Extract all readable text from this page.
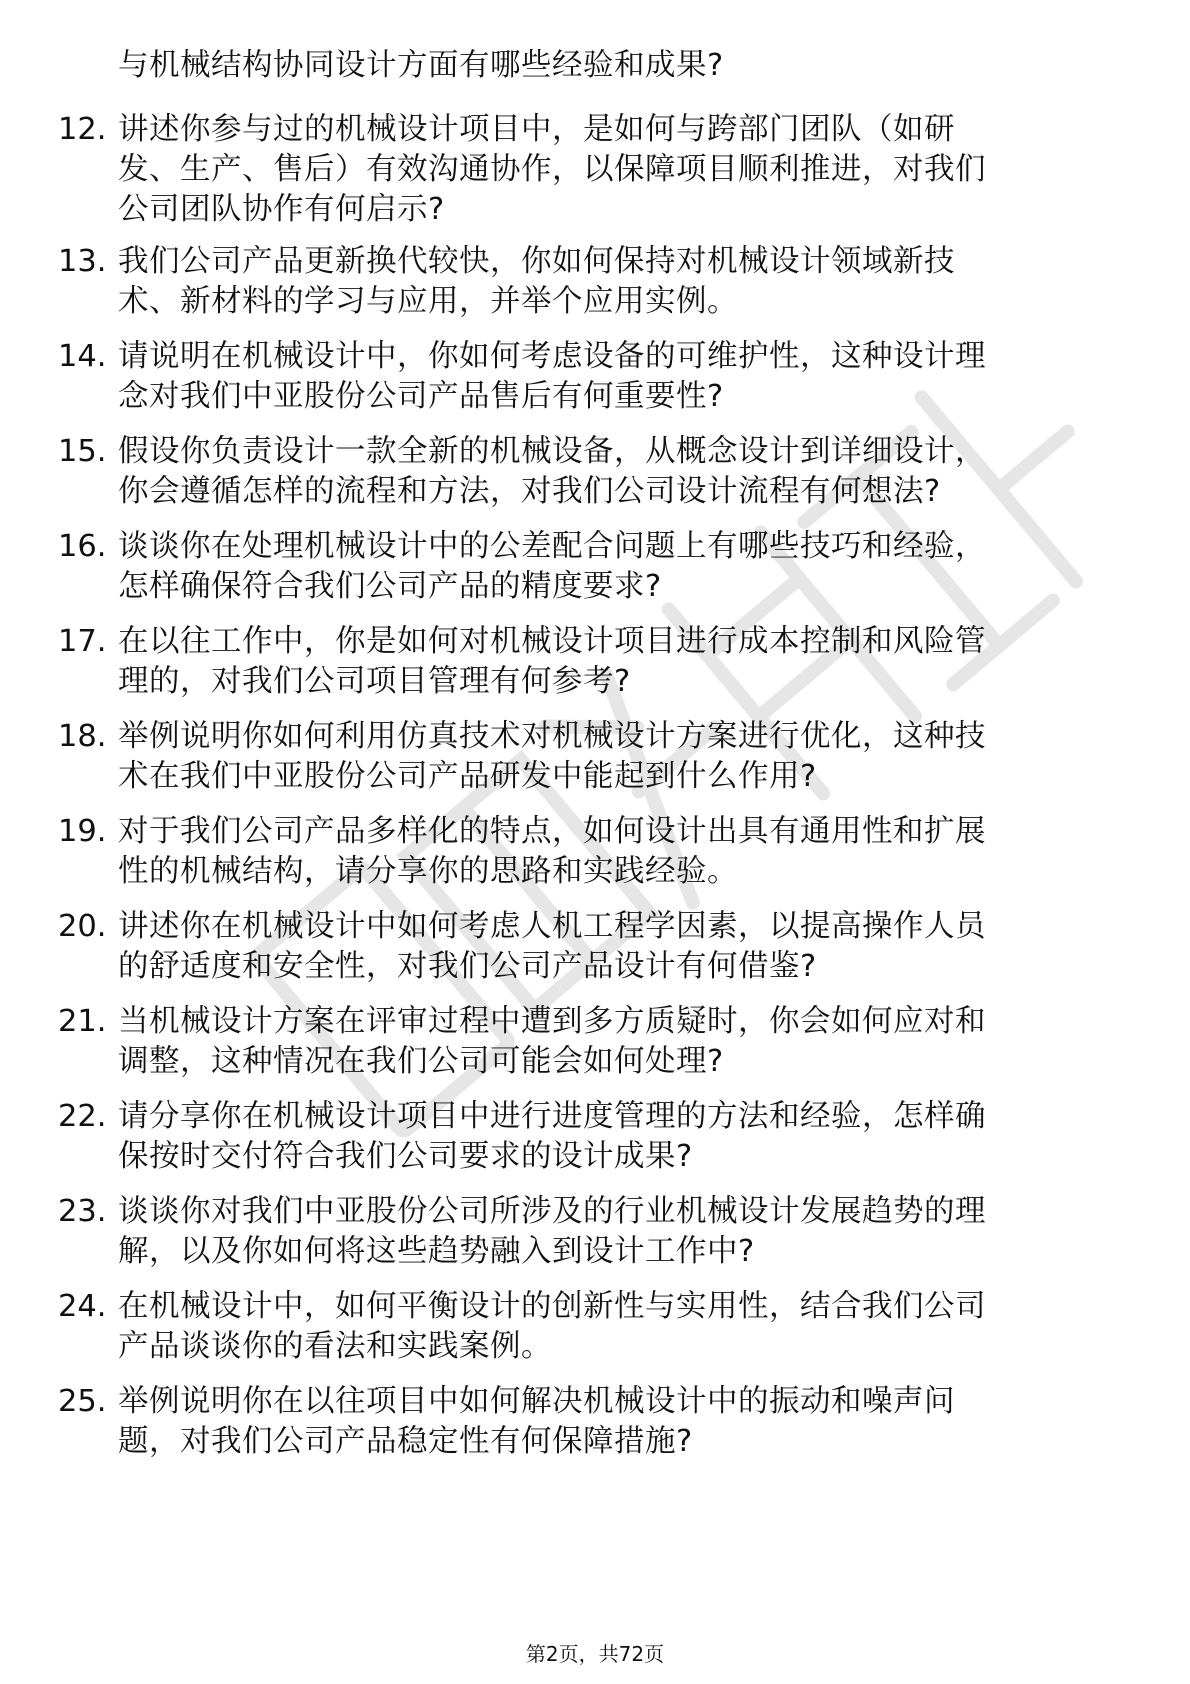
与机械结构协同设计方面有哪些经验和成果?
12. 讲述你参与过的机械设计项目中，是如何与跨部门团队（如研
发、生产、售后）有效沟通协作，以保障项目顺利推进，对我们
公司团队协作有何启示?
13. 我们公司产品更新换代较快，你如何保持对机械设计领域新技
术、新材料的学习与应用，并举个应用实例。
14. 请说明在机械设计中，你如何考虑设备的可维护性，这种设计理
念对我们中亚股份公司产品售后有何重要性?
15. 假设你负责设计一款全新的机械设备，从概念设计到详细设计，
你会遵循怎样的流程和方法，对我们公司设计流程有何想法?
16. 谈谈你在处理机械设计中的公差配合问题上有哪些技巧和经验，
怎样确保符合我们公司产品的精度要求?
17. 在以往工作中，你是如何对机械设计项目进行成本控制和风险管
理的，对我们公司项目管理有何参考?
18. 举例说明你如何利用仿真技术对机械设计方案进行优化，这种技
术在我们中亚股份公司产品研发中能起到什么作用?
19. 对于我们公司产品多样化的特点，如何设计出具有通用性和扩展
性的机械结构，请分享你的思路和实践经验。
20. 讲述你在机械设计中如何考虑人机工程学因素，以提高操作人员
的舒适度和安全性，对我们公司产品设计有何借鉴?
21. 当机械设计方案在评审过程中遭到多方质疑时，你会如何应对和
调整，这种情况在我们公司可能会如何处理?
22. 请分享你在机械设计项目中进行进度管理的方法和经验，怎样确
保按时交付符合我们公司要求的设计成果?
23. 谈谈你对我们中亚股份公司所涉及的行业机械设计发展趋势的理
解，以及你如何将这些趋势融入到设计工作中?
24. 在机械设计中，如何平衡设计的创新性与实用性，结合我们公司
产品谈谈你的看法和实践案例。
25. 举例说明你在以往项目中如何解决机械设计中的振动和噪声问
题，对我们公司产品稳定性有何保障措施?
第2页，共72页
